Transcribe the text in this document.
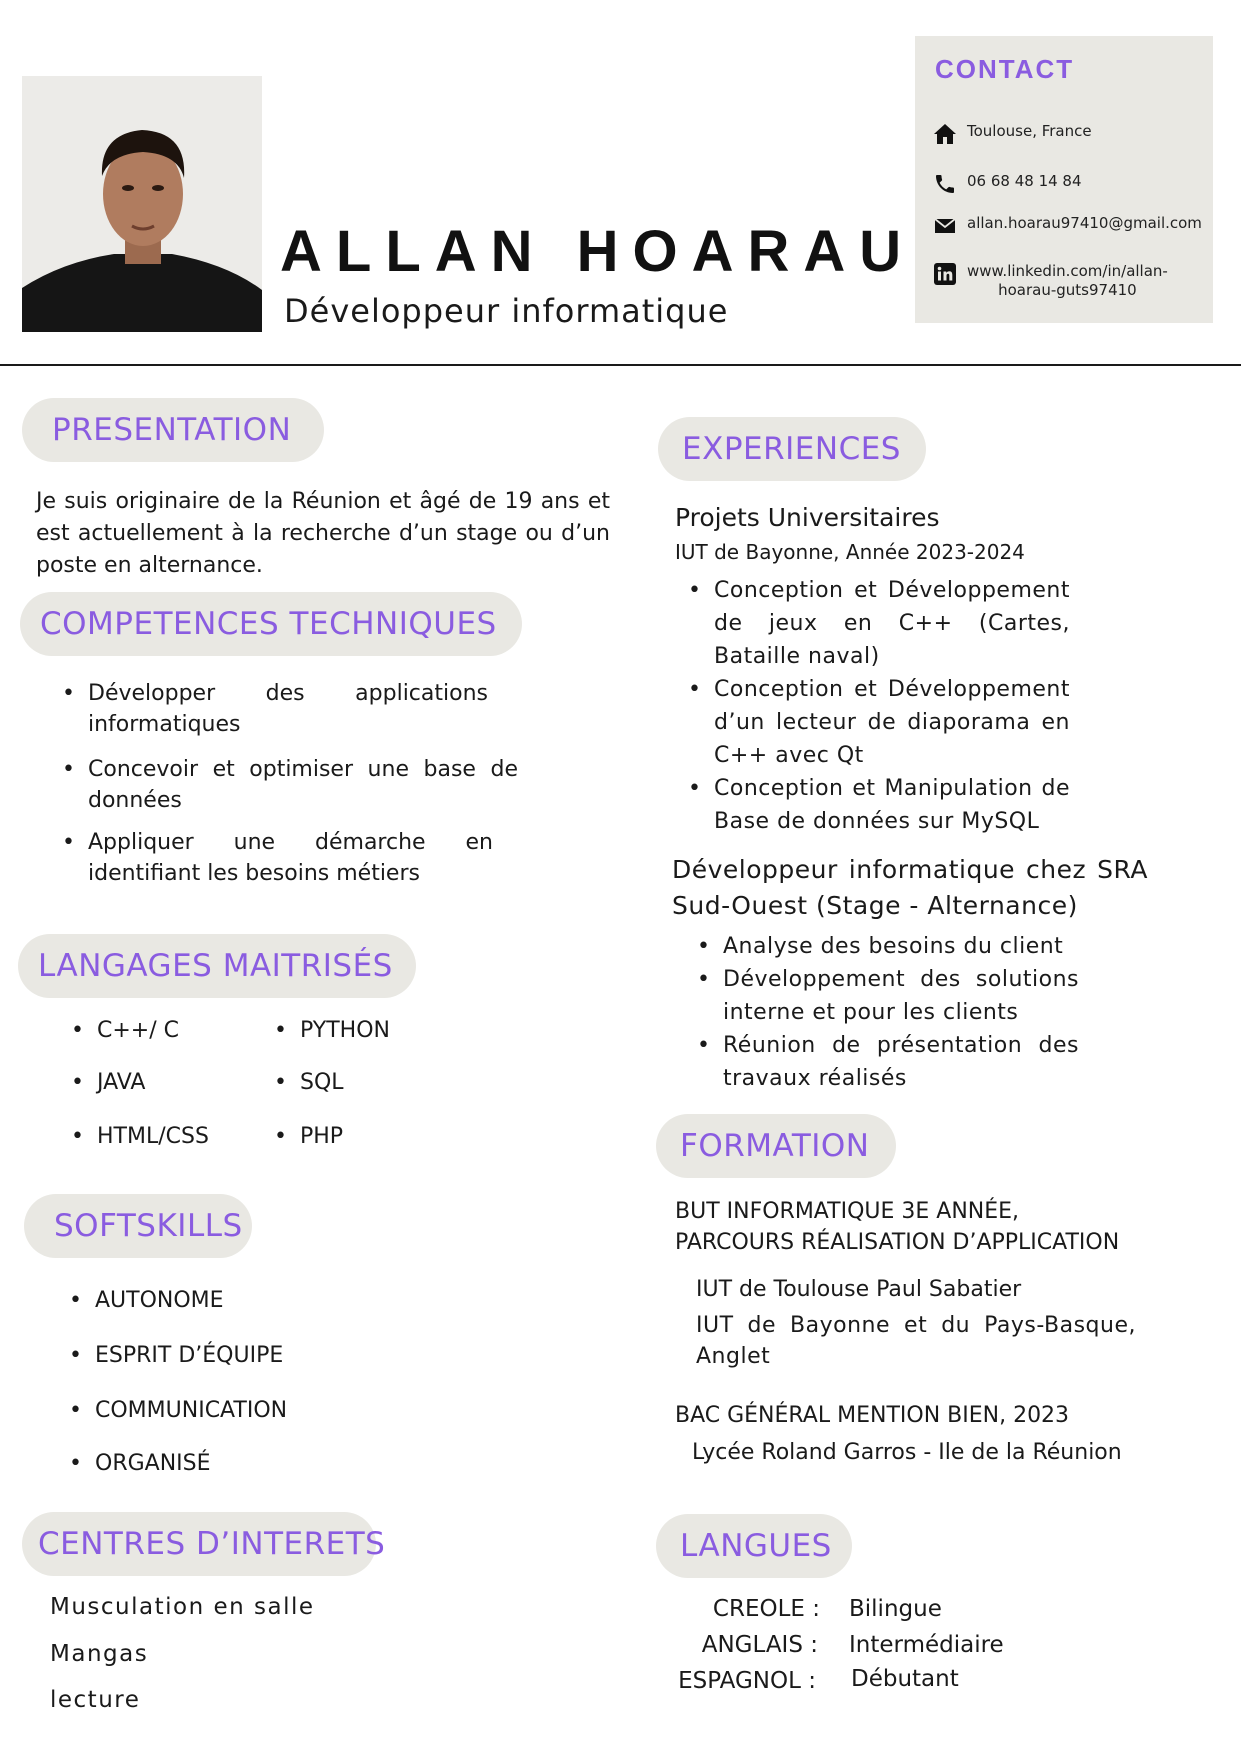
ALLAN HOARAU
Développeur informatique
CONTACT
Toulouse, France
06 68 48 14 84
allan.hoarau97410@gmail.com
www.linkedin.com/in/allan-
hoarau-guts97410
PRESENTATION
Je suis originaire de la Réunion et âgé de 19 ans et est actuellement à la recherche d’un stage ou d’un poste en alternance.
COMPETENCES TECHNIQUES
• Développer des applications informatiques
• Concevoir et optimiser une base de données
• Appliquer une démarche en identifiant les besoins métiers
LANGAGES MAITRISÉS
• C++/ C
• JAVA
• HTML/CSS
• PYTHON
• SQL
• PHP
SOFTSKILLS
• AUTONOME
• ESPRIT D’ÉQUIPE
• COMMUNICATION
• ORGANISÉ
CENTRES D’INTERETS
Musculation en salle
Mangas
lecture
EXPERIENCES
Projets Universitaires
IUT de Bayonne, Année 2023-2024
• Conception et Développement de jeux en C++ (Cartes, Bataille naval)
• Conception et Développement d’un lecteur de diaporama en C++ avec Qt
• Conception et Manipulation de Base de données sur MySQL
Développeur informatique chez SRA Sud-Ouest (Stage - Alternance)
• Analyse des besoins du client
• Développement des solutions interne et pour les clients
• Réunion de présentation des travaux réalisés
FORMATION
BUT INFORMATIQUE 3E ANNÉE, PARCOURS RÉALISATION D’APPLICATION
IUT de Toulouse Paul Sabatier
IUT de Bayonne et du Pays-Basque, Anglet
BAC GÉNÉRAL MENTION BIEN, 2023
Lycée Roland Garros - Ile de la Réunion
LANGUES
CREOLE : Bilingue
ANGLAIS : Intermédiaire
ESPAGNOL : Débutant
